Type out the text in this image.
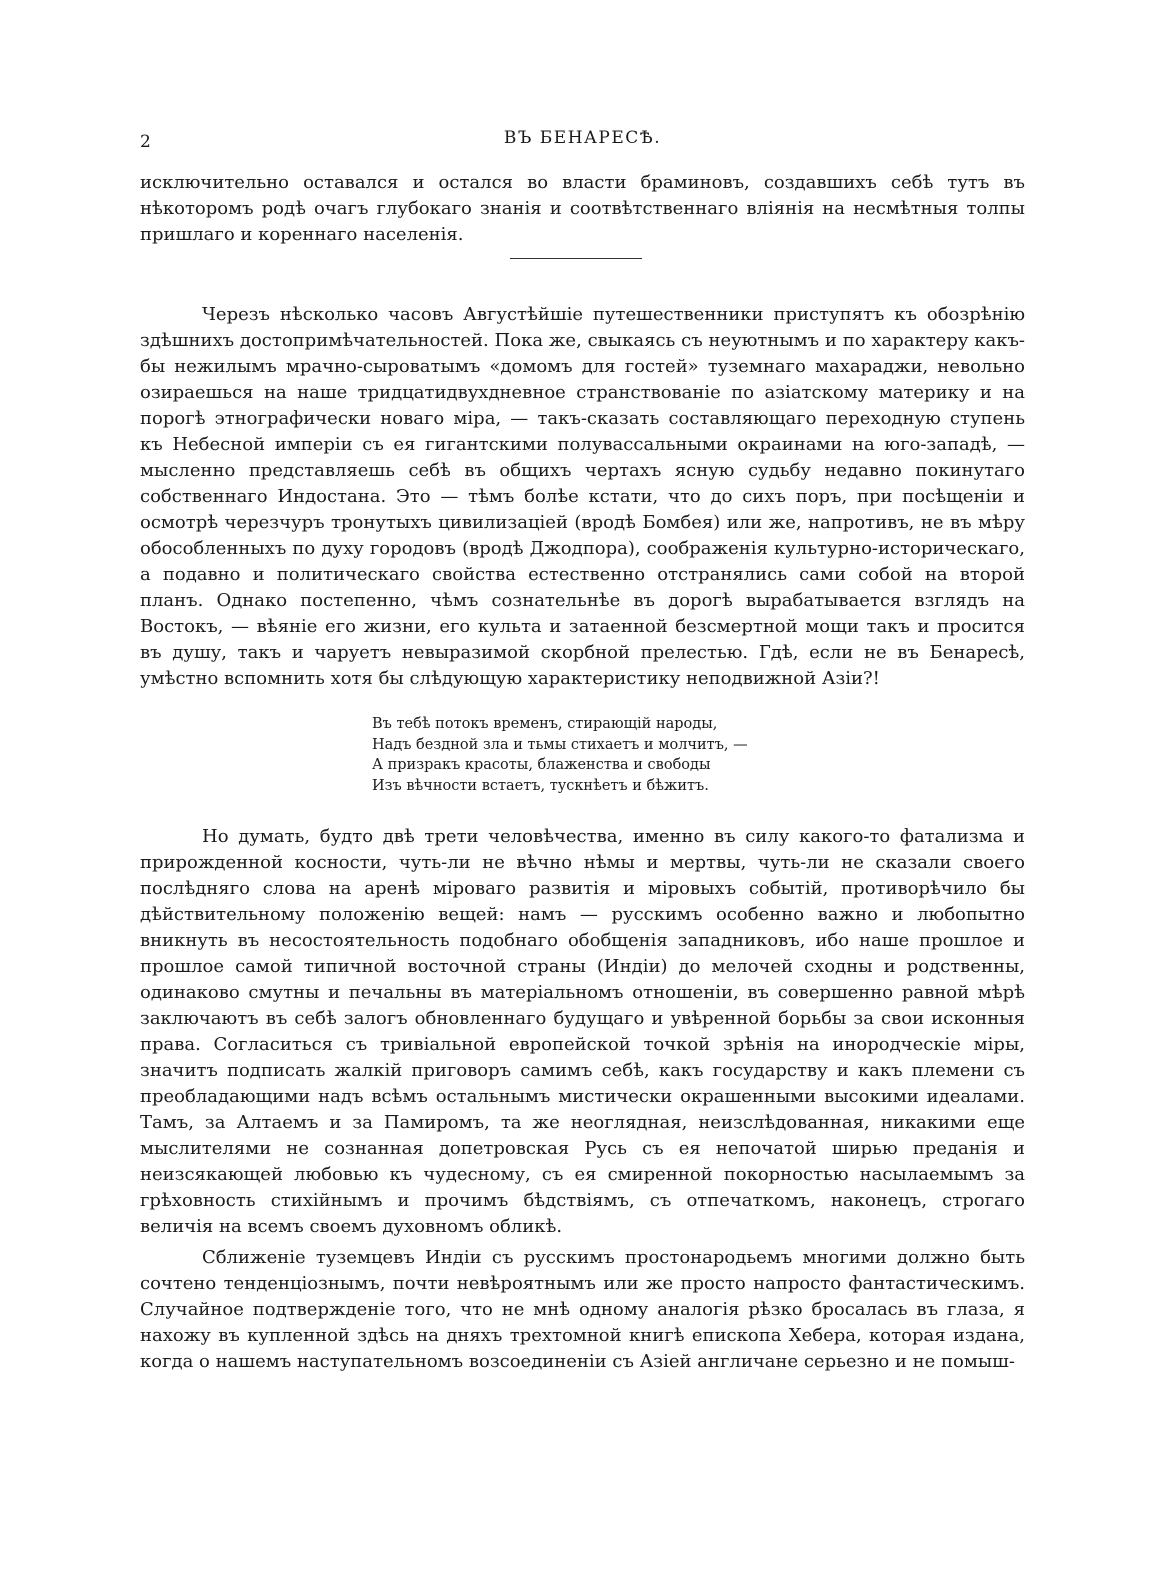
2	ВЪ БЕНАРЕСѢ.
исключительно оставался и остался во власти браминовъ, создавшихъ себѣ тутъ въ нѣкоторомъ родѣ очагъ глубокаго знанія и соотвѣтственнаго вліянія на несмѣтныя толпы пришлаго и кореннаго населенія.
Черезъ нѣсколько часовъ Августѣйшіе путешественники приступятъ къ обозрѣнію здѣшнихъ достопримѣчательностей. Пока же, свыкаясь съ неуютнымъ и по характеру какъ-бы нежилымъ мрачно-сыроватымъ «домомъ для гостей» туземнаго махараджи, невольно озираешься на наше тридцатидвухдневное странствованіе по азіатскому материку и на порогѣ этнографически новаго міра, — такъ-сказать составляющаго переходную ступень къ Небесной имперіи съ ея гигантскими полувассальными окраинами на юго-западѣ, — мысленно представляешь себѣ въ общихъ чертахъ ясную судьбу недавно покинутаго собственнаго Индостана. Это — тѣмъ болѣе кстати, что до сихъ поръ, при посѣщеніи и осмотрѣ черезчуръ тронутыхъ цивилизаціей (вродѣ Бомбея) или же, напротивъ, не въ мѣру обособленныхъ по духу городовъ (вродѣ Джодпора), соображенія культурно-историческаго, а подавно и политическаго свойства естественно отстранялись сами собой на второй планъ. Однако постепенно, чѣмъ сознательнѣе въ дорогѣ вырабатывается взглядъ на Востокъ, — вѣяніе его жизни, его культа и затаенной безсмертной мощи такъ и просится въ душу, такъ и чаруетъ невыразимой скорбной прелестью. Гдѣ, если не въ Бенаресѣ, умѣстно вспомнить хотя бы слѣдующую характеристику неподвижной Азіи?!
Въ тебѣ потокъ временъ, стирающій народы,
Надъ бездной зла и тьмы стихаетъ и молчитъ, —
А призракъ красоты, блаженства и свободы
Изъ вѣчности встаетъ, тускнѣетъ и бѣжитъ.
Но думать, будто двѣ трети человѣчества, именно въ силу какого-то фатализма и прирожденной косности, чуть-ли не вѣчно нѣмы и мертвы, чуть-ли не сказали своего послѣдняго слова на аренѣ міроваго развитія и міровыхъ событій, противорѣчило бы дѣйствительному положенію вещей: намъ — русскимъ особенно важно и любопытно вникнуть въ несостоятельность подобнаго обобщенія западниковъ, ибо наше прошлое и прошлое самой типичной восточной страны (Индіи) до мелочей сходны и родственны, одинаково смутны и печальны въ матеріальномъ отношеніи, въ совершенно равной мѣрѣ заключаютъ въ себѣ залогъ обновленнаго будущаго и увѣренной борьбы за свои исконныя права. Согласиться съ тривіальной европейской точкой зрѣнія на инородческіе міры, значитъ подписать жалкій приговоръ самимъ себѣ, какъ государству и какъ племени съ преобладающими надъ всѣмъ остальнымъ мистически окрашенными высокими идеалами. Тамъ, за Алтаемъ и за Памиромъ, та же неоглядная, неизслѣдованная, никакими еще мыслителями не сознанная допетровская Русь съ ея непочатой ширью преданія и неизсякающей любовью къ чудесному, съ ея смиренной покорностью насылаемымъ за грѣховность стихійнымъ и прочимъ бѣдствіямъ, съ отпечаткомъ, наконецъ, строгаго величія на всемъ своемъ духовномъ обликѣ.
Сближеніе туземцевъ Индіи съ русскимъ простонародьемъ многими должно быть сочтено тенденціознымъ, почти невѣроятнымъ или же просто напросто фантастическимъ. Случайное подтвержденіе того, что не мнѣ одному аналогія рѣзко бросалась въ глаза, я нахожу въ купленной здѣсь на дняхъ трехтомной книгѣ епископа Хебера, которая издана, когда о нашемъ наступательномъ возсоединеніи съ Азіей англичане серьезно и не помыш-
